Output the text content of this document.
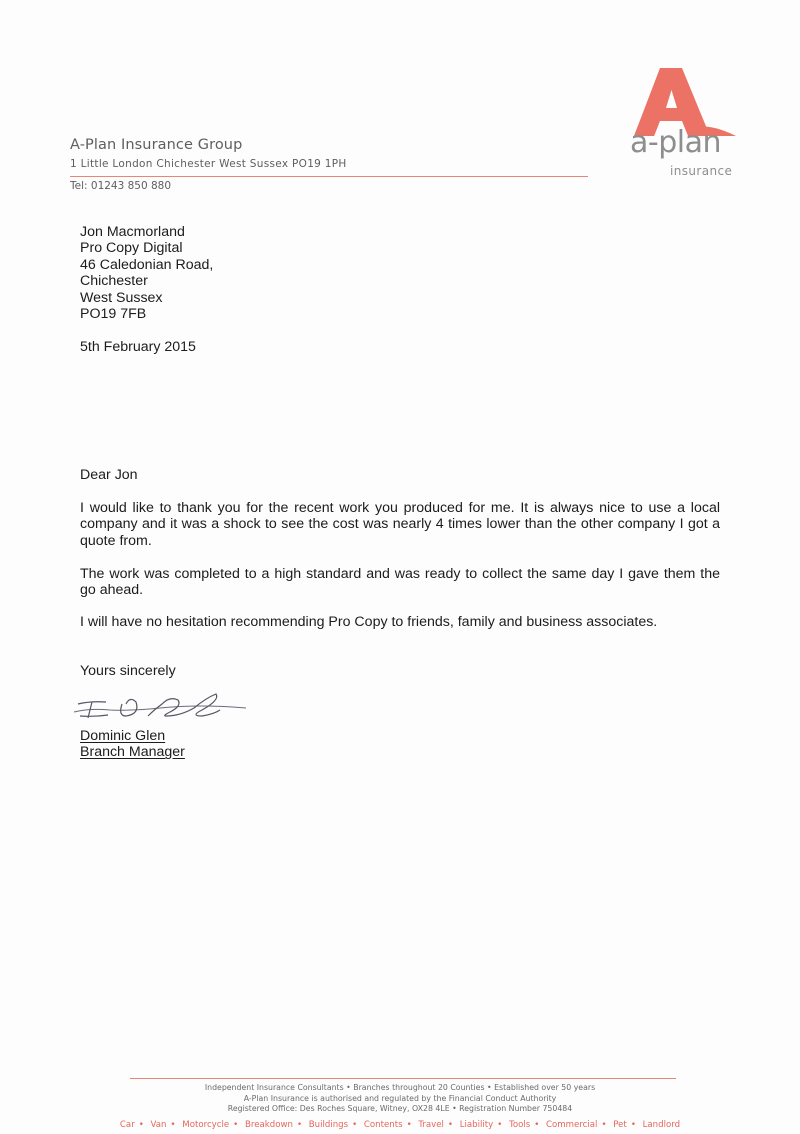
A-Plan Insurance Group
1 Little London Chichester West Sussex PO19 1PH
Tel: 01243 850 880
a-plan
insurance
Jon Macmorland
Pro Copy Digital
46 Caledonian Road,
Chichester
West Sussex
PO19 7FB
5th February 2015
Dear Jon
I would like to thank you for the recent work you produced for me. It is always nice to use a local company and it was a shock to see the cost was nearly 4 times lower than the other company I got a quote from.
The work was completed to a high standard and was ready to collect the same day I gave them the go ahead.
I will have no hesitation recommending Pro Copy to friends, family and business associates.
Yours sincerely
Dominic Glen
Branch Manager
Independent Insurance Consultants • Branches throughout 20 Counties • Established over 50 years
A-Plan Insurance is authorised and regulated by the Financial Conduct Authority
Registered Office: Des Roches Square, Witney, OX28 4LE • Registration Number 750484
Car • Van • Motorcycle • Breakdown • Buildings • Contents • Travel • Liability • Tools • Commercial • Pet • Landlord
